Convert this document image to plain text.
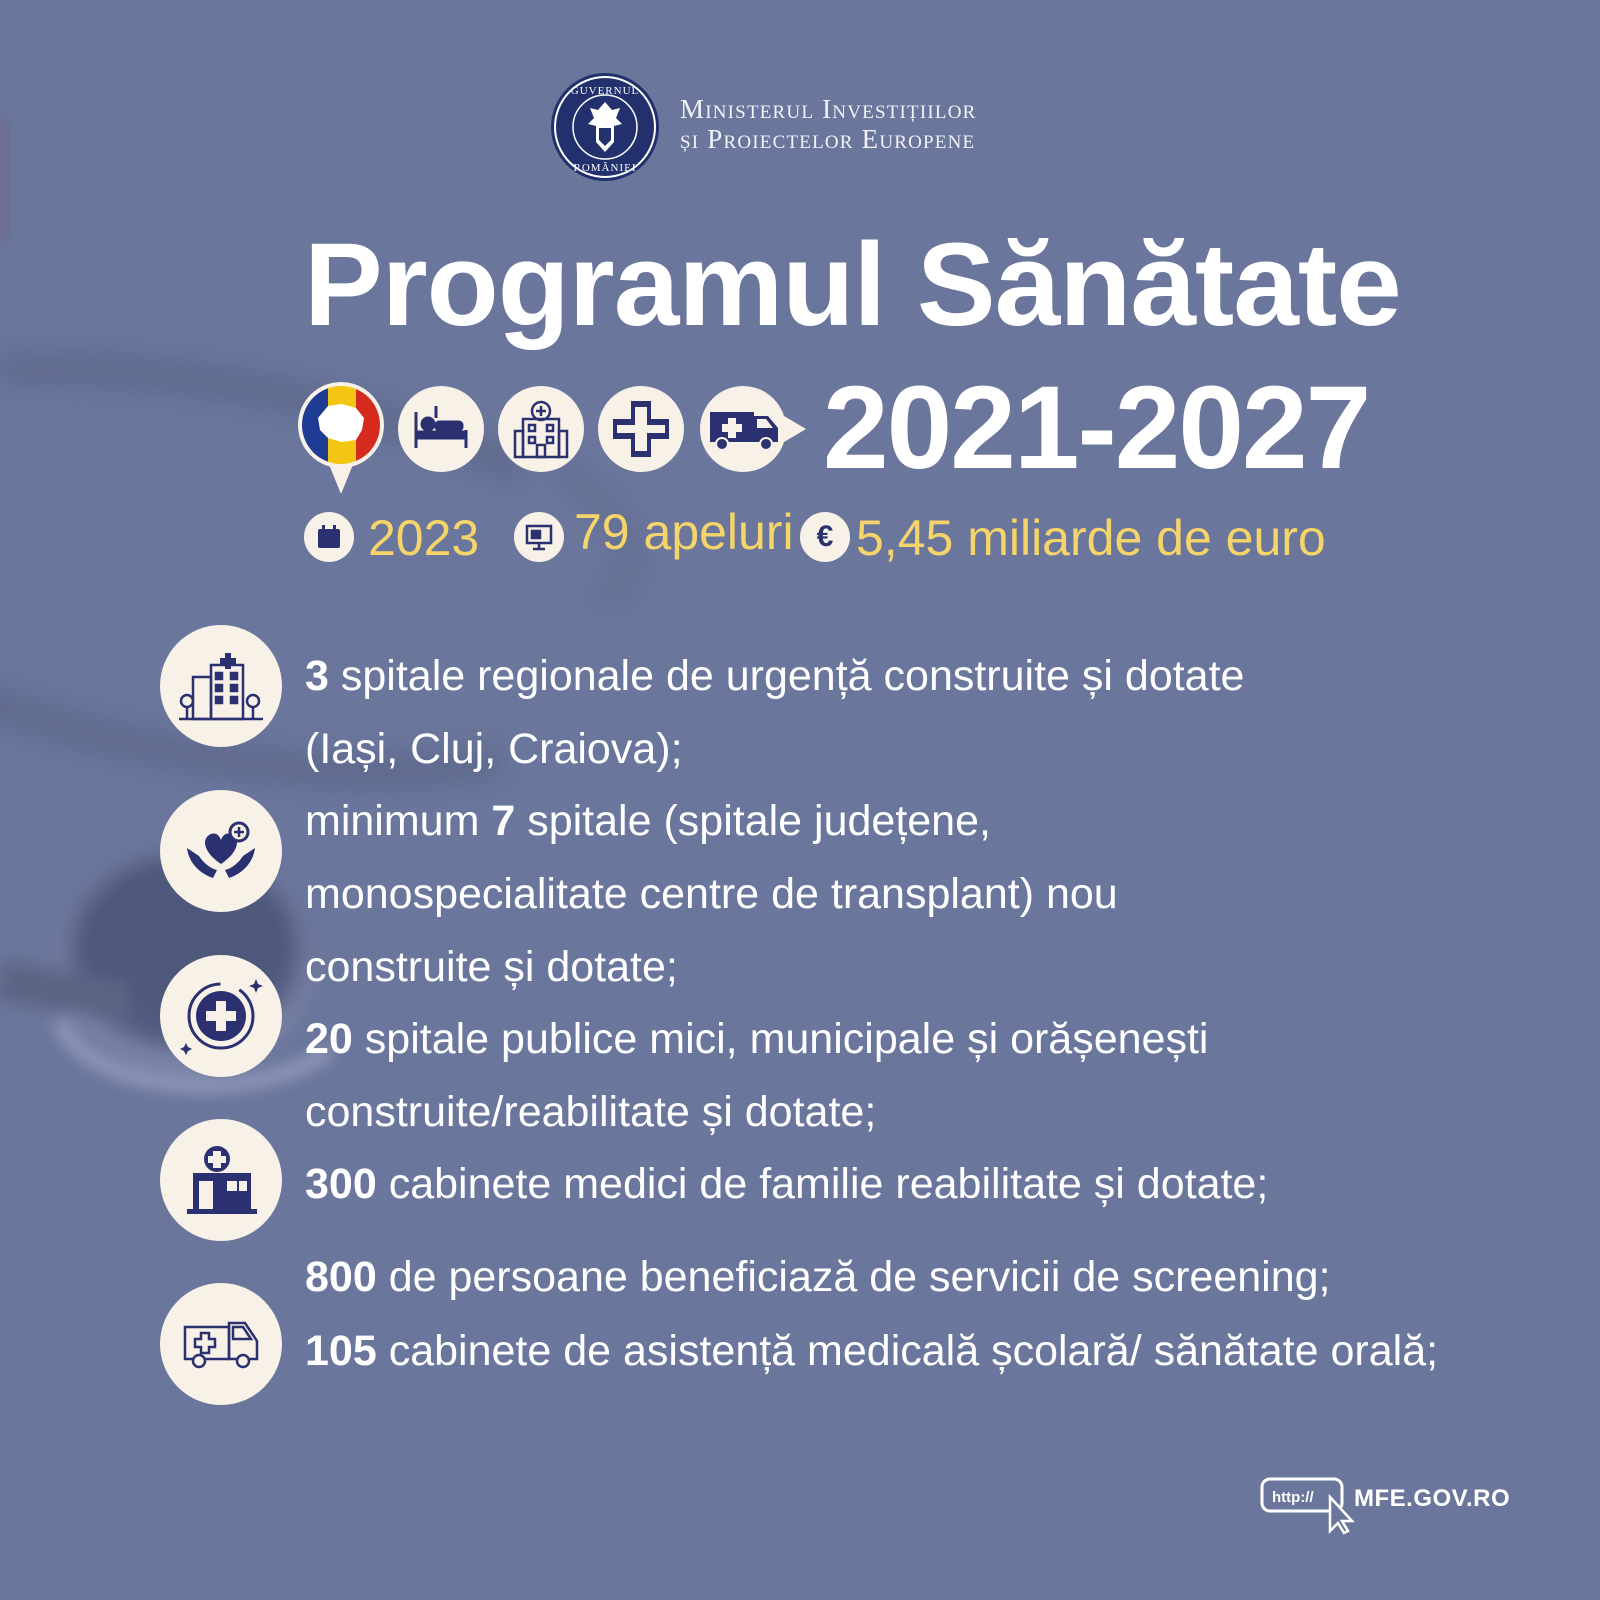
GUVERNUL
ROMÂNIEI
Ministerul Investițiilor
și Proiectelor Europene
Programul Sănătate
2021-2027
2023 79 apeluri € 5,45 miliarde de euro
3 spitale regionale de urgență construite și dotate
(Iași, Cluj, Craiova);
minimum 7 spitale (spitale județene,
monospecialitate centre de transplant) nou
construite și dotate;
20 spitale publice mici, municipale și orășenești
construite/reabilitate și dotate;
300 cabinete medici de familie reabilitate și dotate;
800 de persoane beneficiază de servicii de screening;
105 cabinete de asistență medicală școlară/ sănătate orală;
http:// MFE.GOV.RO
